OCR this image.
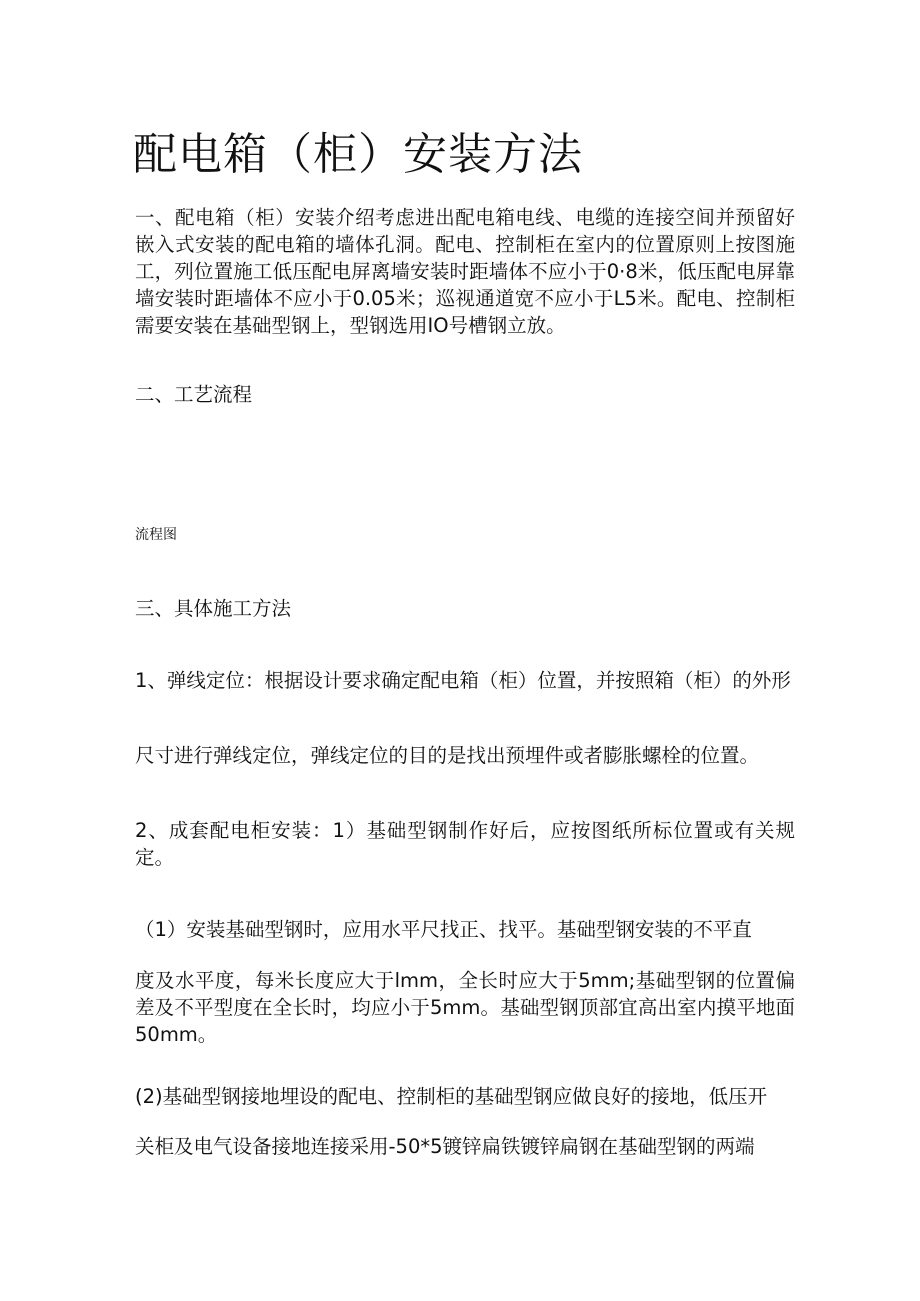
配电箱（柜）安装方法

一、配电箱（柜）安装介绍考虑进出配电箱电线、电缆的连接空间并预留好嵌入式安装的配电箱的墙体孔洞。配电、控制柜在室内的位置原则上按图施工，列位置施工低压配电屏离墙安装时距墙体不应小于0·8米，低压配电屏靠墙安装时距墙体不应小于0.05米；巡视通道宽不应小于L5米。配电、控制柜需要安装在基础型钢上，型钢选用IO号槽钢立放。

二、工艺流程

流程图

三、具体施工方法

1、弹线定位：根据设计要求确定配电箱（柜）位置，并按照箱（柜）的外形

尺寸进行弹线定位，弹线定位的目的是找出预埋件或者膨胀螺栓的位置。

2、成套配电柜安装：1）基础型钢制作好后，应按图纸所标位置或有关规定。

（1）安装基础型钢时，应用水平尺找正、找平。基础型钢安装的不平直

度及水平度，每米长度应大于lmm，全长时应大于5mm;基础型钢的位置偏差及不平型度在全长时，均应小于5mm。基础型钢顶部宜高出室内摸平地面50mm。

(2)基础型钢接地埋设的配电、控制柜的基础型钢应做良好的接地，低压开

关柜及电气设备接地连接采用-50*5镀锌扁铁镀锌扁钢在基础型钢的两端
